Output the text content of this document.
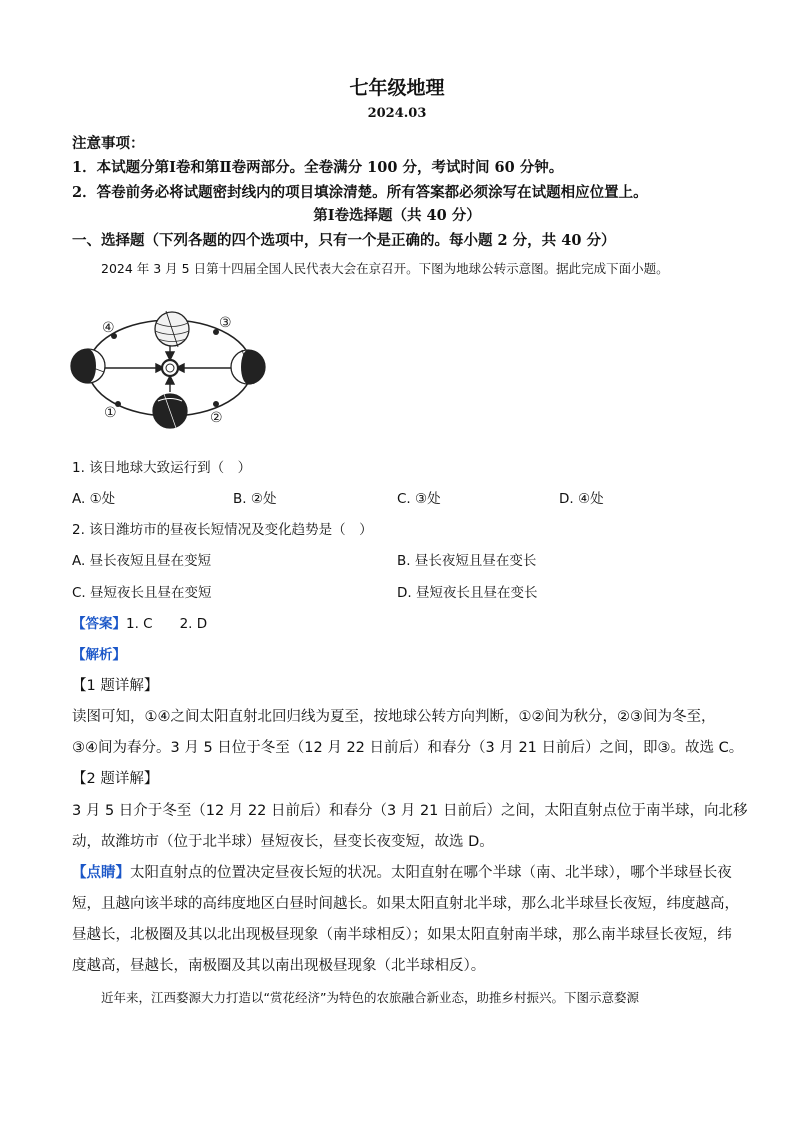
七年级地理
2024.03
注意事项：
1．本试题分第Ⅰ卷和第Ⅱ卷两部分。全卷满分 100 分，考试时间 60 分钟。
2．答卷前务必将试题密封线内的项目填涂清楚。所有答案都必须涂写在试题相应位置上。
第Ⅰ卷选择题（共 40 分）
一、选择题（下列各题的四个选项中，只有一个是正确的。每小题 2 分，共 40 分）
2024 年 3 月 5 日第十四届全国人民代表大会在京召开。下图为地球公转示意图。据此完成下面小题。
④	③
①	②
1. 该日地球大致运行到（　）
A. ①处	B. ②处	C. ③处	D. ④处
2. 该日潍坊市的昼夜长短情况及变化趋势是（　）
A. 昼长夜短且昼在变短	B. 昼长夜短且昼在变长
C. 昼短夜长且昼在变短	D. 昼短夜长且昼在变长
【答案】1. C　　2. D
【解析】
【1 题详解】
读图可知，①④之间太阳直射北回归线为夏至，按地球公转方向判断，①②间为秋分，②③间为冬至，
③④间为春分。3 月 5 日位于冬至（12 月 22 日前后）和春分（3 月 21 日前后）之间，即③。故选 C。
【2 题详解】
3 月 5 日介于冬至（12 月 22 日前后）和春分（3 月 21 日前后）之间，太阳直射点位于南半球，向北移
动，故潍坊市（位于北半球）昼短夜长，昼变长夜变短，故选 D。
【点睛】太阳直射点的位置决定昼夜长短的状况。太阳直射在哪个半球（南、北半球），哪个半球昼长夜
短，且越向该半球的高纬度地区白昼时间越长。如果太阳直射北半球，那么北半球昼长夜短，纬度越高，
昼越长，北极圈及其以北出现极昼现象（南半球相反）；如果太阳直射南半球，那么南半球昼长夜短，纬
度越高，昼越长，南极圈及其以南出现极昼现象（北半球相反）。
近年来，江西婺源大力打造以“赏花经济”为特色的农旅融合新业态，助推乡村振兴。下图示意婺源
